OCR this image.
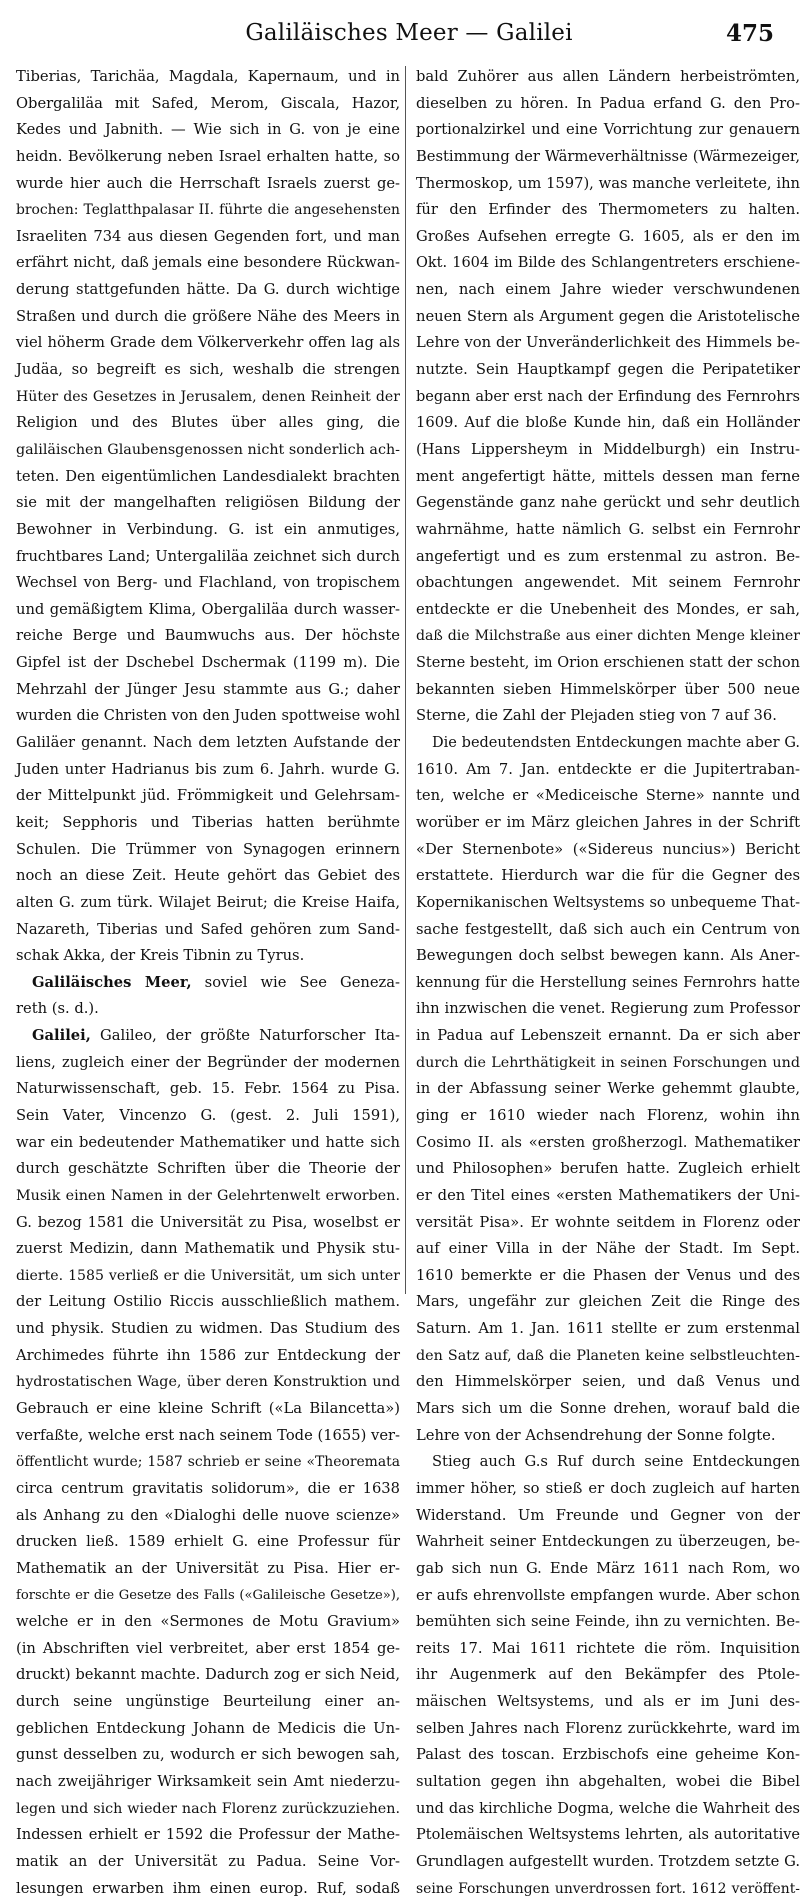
Galiläisches Meer — Galilei	475
Tiberias, Tarichäa, Magdala, Kapernaum, und in
Obergaliläa mit Safed, Merom, Giscala, Hazor,
Kedes und Jabnith. — Wie sich in G. von je eine
heidn. Bevölkerung neben Israel erhalten hatte, so
wurde hier auch die Herrschaft Israels zuerst ge-
brochen: Teglatthpalasar II. führte die angesehensten
Israeliten 734 aus diesen Gegenden fort, und man
erfährt nicht, daß jemals eine besondere Rückwan-
derung stattgefunden hätte. Da G. durch wichtige
Straßen und durch die größere Nähe des Meers in
viel höherm Grade dem Völkerverkehr offen lag als
Judäa, so begreift es sich, weshalb die strengen
Hüter des Gesetzes in Jerusalem, denen Reinheit der
Religion und des Blutes über alles ging, die
galiläischen Glaubensgenossen nicht sonderlich ach-
teten. Den eigentümlichen Landesdialekt brachten
sie mit der mangelhaften religiösen Bildung der
Bewohner in Verbindung. G. ist ein anmutiges,
fruchtbares Land; Untergaliläa zeichnet sich durch
Wechsel von Berg- und Flachland, von tropischem
und gemäßigtem Klima, Obergaliläa durch wasser-
reiche Berge und Baumwuchs aus. Der höchste
Gipfel ist der Dschebel Dschermak (1199 m). Die
Mehrzahl der Jünger Jesu stammte aus G.; daher
wurden die Christen von den Juden spottweise wohl
Galiläer genannt. Nach dem letzten Aufstande der
Juden unter Hadrianus bis zum 6. Jahrh. wurde G.
der Mittelpunkt jüd. Frömmigkeit und Gelehrsam-
keit; Sepphoris und Tiberias hatten berühmte
Schulen. Die Trümmer von Synagogen erinnern
noch an diese Zeit. Heute gehört das Gebiet des
alten G. zum türk. Wilajet Beirut; die Kreise Haifa,
Nazareth, Tiberias und Safed gehören zum Sand-
schak Akka, der Kreis Tibnin zu Tyrus.
Galiläisches Meer, soviel wie See Geneza-
reth (s. d.).
Galilei, Galileo, der größte Naturforscher Ita-
liens, zugleich einer der Begründer der modernen
Naturwissenschaft, geb. 15. Febr. 1564 zu Pisa.
Sein Vater, Vincenzo G. (gest. 2. Juli 1591),
war ein bedeutender Mathematiker und hatte sich
durch geschätzte Schriften über die Theorie der
Musik einen Namen in der Gelehrtenwelt erworben.
G. bezog 1581 die Universität zu Pisa, woselbst er
zuerst Medizin, dann Mathematik und Physik stu-
dierte. 1585 verließ er die Universität, um sich unter
der Leitung Ostilio Riccis ausschließlich mathem.
und physik. Studien zu widmen. Das Studium des
Archimedes führte ihn 1586 zur Entdeckung der
hydrostatischen Wage, über deren Konstruktion und
Gebrauch er eine kleine Schrift («La Bilancetta»)
verfaßte, welche erst nach seinem Tode (1655) ver-
öffentlicht wurde; 1587 schrieb er seine «Theoremata
circa centrum gravitatis solidorum», die er 1638
als Anhang zu den «Dialoghi delle nuove scienze»
drucken ließ. 1589 erhielt G. eine Professur für
Mathematik an der Universität zu Pisa. Hier er-
forschte er die Gesetze des Falls («Galileische Gesetze»),
welche er in den «Sermones de Motu Gravium»
(in Abschriften viel verbreitet, aber erst 1854 ge-
druckt) bekannt machte. Dadurch zog er sich Neid,
durch seine ungünstige Beurteilung einer an-
geblichen Entdeckung Johann de Medicis die Un-
gunst desselben zu, wodurch er sich bewogen sah,
nach zweijähriger Wirksamkeit sein Amt niederzu-
legen und sich wieder nach Florenz zurückzuziehen.
Indessen erhielt er 1592 die Professur der Mathe-
matik an der Universität zu Padua. Seine Vor-
lesungen erwarben ihm einen europ. Ruf, sodaß
bald Zuhörer aus allen Ländern herbeiströmten,
dieselben zu hören. In Padua erfand G. den Pro-
portionalzirkel und eine Vorrichtung zur genauern
Bestimmung der Wärmeverhältnisse (Wärmezeiger,
Thermoskop, um 1597), was manche verleitete, ihn
für den Erfinder des Thermometers zu halten.
Großes Aufsehen erregte G. 1605, als er den im
Okt. 1604 im Bilde des Schlangentreters erschiene-
nen, nach einem Jahre wieder verschwundenen
neuen Stern als Argument gegen die Aristotelische
Lehre von der Unveränderlichkeit des Himmels be-
nutzte. Sein Hauptkampf gegen die Peripatetiker
begann aber erst nach der Erfindung des Fernrohrs
1609. Auf die bloße Kunde hin, daß ein Holländer
(Hans Lippersheym in Middelburgh) ein Instru-
ment angefertigt hätte, mittels dessen man ferne
Gegenstände ganz nahe gerückt und sehr deutlich
wahrnähme, hatte nämlich G. selbst ein Fernrohr
angefertigt und es zum erstenmal zu astron. Be-
obachtungen angewendet. Mit seinem Fernrohr
entdeckte er die Unebenheit des Mondes, er sah,
daß die Milchstraße aus einer dichten Menge kleiner
Sterne besteht, im Orion erschienen statt der schon
bekannten sieben Himmelskörper über 500 neue
Sterne, die Zahl der Plejaden stieg von 7 auf 36.
Die bedeutendsten Entdeckungen machte aber G.
1610. Am 7. Jan. entdeckte er die Jupitertraban-
ten, welche er «Mediceische Sterne» nannte und
worüber er im März gleichen Jahres in der Schrift
«Der Sternenbote» («Sidereus nuncius») Bericht
erstattete. Hierdurch war die für die Gegner des
Kopernikanischen Weltsystems so unbequeme That-
sache festgestellt, daß sich auch ein Centrum von
Bewegungen doch selbst bewegen kann. Als Aner-
kennung für die Herstellung seines Fernrohrs hatte
ihn inzwischen die venet. Regierung zum Professor
in Padua auf Lebenszeit ernannt. Da er sich aber
durch die Lehrthätigkeit in seinen Forschungen und
in der Abfassung seiner Werke gehemmt glaubte,
ging er 1610 wieder nach Florenz, wohin ihn
Cosimo II. als «ersten großherzogl. Mathematiker
und Philosophen» berufen hatte. Zugleich erhielt
er den Titel eines «ersten Mathematikers der Uni-
versität Pisa». Er wohnte seitdem in Florenz oder
auf einer Villa in der Nähe der Stadt. Im Sept.
1610 bemerkte er die Phasen der Venus und des
Mars, ungefähr zur gleichen Zeit die Ringe des
Saturn. Am 1. Jan. 1611 stellte er zum erstenmal
den Satz auf, daß die Planeten keine selbstleuchten-
den Himmelskörper seien, und daß Venus und
Mars sich um die Sonne drehen, worauf bald die
Lehre von der Achsendrehung der Sonne folgte.
Stieg auch G.s Ruf durch seine Entdeckungen
immer höher, so stieß er doch zugleich auf harten
Widerstand. Um Freunde und Gegner von der
Wahrheit seiner Entdeckungen zu überzeugen, be-
gab sich nun G. Ende März 1611 nach Rom, wo
er aufs ehrenvollste empfangen wurde. Aber schon
bemühten sich seine Feinde, ihn zu vernichten. Be-
reits 17. Mai 1611 richtete die röm. Inquisition
ihr Augenmerk auf den Bekämpfer des Ptole-
mäischen Weltsystems, und als er im Juni des-
selben Jahres nach Florenz zurückkehrte, ward im
Palast des toscan. Erzbischofs eine geheime Kon-
sultation gegen ihn abgehalten, wobei die Bibel
und das kirchliche Dogma, welche die Wahrheit des
Ptolemäischen Weltsystems lehrten, als autoritative
Grundlagen aufgestellt wurden. Trotzdem setzte G.
seine Forschungen unverdrossen fort. 1612 veröffent-
